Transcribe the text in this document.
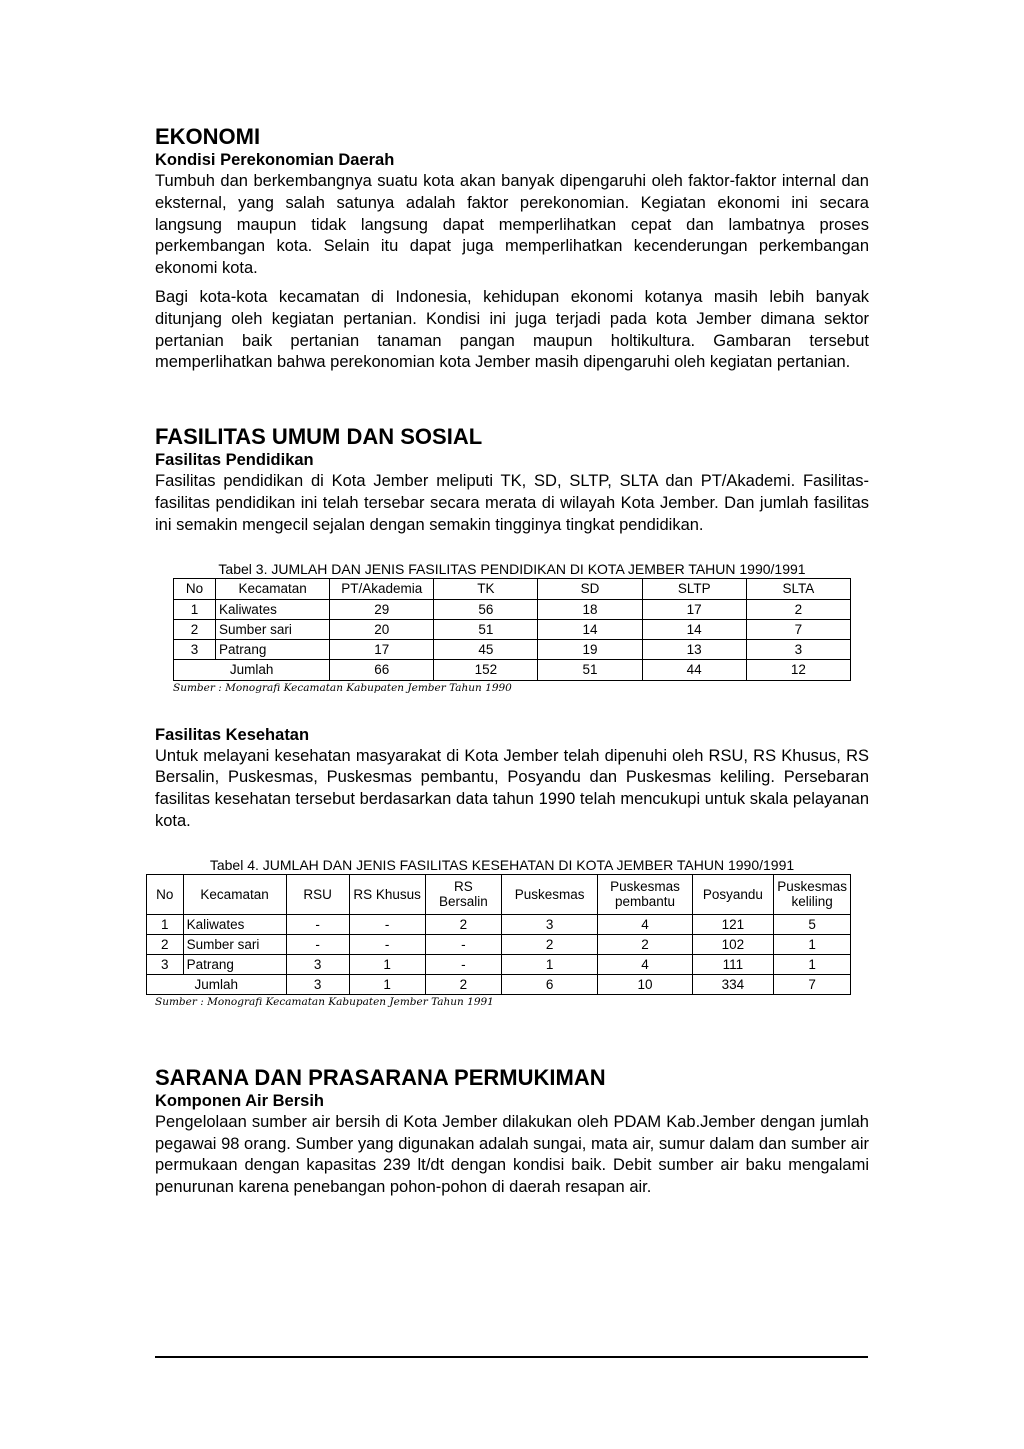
EKONOMI
Kondisi Perekonomian Daerah

Tumbuh dan berkembangnya suatu kota akan banyak dipengaruhi oleh faktor-faktor internal dan eksternal, yang salah satunya adalah faktor perekonomian. Kegiatan ekonomi ini secara langsung maupun tidak langsung dapat memperlihatkan cepat dan lambatnya proses perkembangan kota. Selain itu dapat juga memperlihatkan kecenderungan perkembangan ekonomi kota.

Bagi kota-kota kecamatan di Indonesia, kehidupan ekonomi kotanya masih lebih banyak ditunjang oleh kegiatan pertanian. Kondisi ini juga terjadi pada kota Jember dimana sektor pertanian baik pertanian tanaman pangan maupun holtikultura. Gambaran tersebut memperlihatkan bahwa perekonomian kota Jember masih dipengaruhi oleh kegiatan pertanian.

FASILITAS UMUM DAN SOSIAL
Fasilitas Pendidikan

Fasilitas pendidikan di Kota Jember meliputi TK, SD, SLTP, SLTA dan PT/Akademi. Fasilitas-fasilitas pendidikan ini telah tersebar secara merata di wilayah Kota Jember. Dan jumlah fasilitas ini semakin mengecil sejalan dengan semakin tingginya tingkat pendidikan.

Tabel 3. JUMLAH DAN JENIS FASILITAS PENDIDIKAN DI KOTA JEMBER TAHUN 1990/1991
No	Kecamatan	PT/Akademia	TK	SD	SLTP	SLTA
1	Kaliwates	29	56	18	17	2
2	Sumber sari	20	51	14	14	7
3	Patrang	17	45	19	13	3
Jumlah		66	152	51	44	12
Sumber : Monografi Kecamatan Kabupaten Jember Tahun 1990
Fasilitas Kesehatan

Untuk melayani kesehatan masyarakat di Kota Jember telah dipenuhi oleh RSU, RS Khusus, RS Bersalin, Puskesmas, Puskesmas pembantu, Posyandu dan Puskesmas keliling. Persebaran fasilitas kesehatan tersebut berdasarkan data tahun 1990 telah mencukupi untuk skala pelayanan kota.

Tabel 4. JUMLAH DAN JENIS FASILITAS KESEHATAN DI KOTA JEMBER TAHUN 1990/1991
No	Kecamatan	RSU	RS Khusus	RS Bersalin	Puskesmas	Puskesmas pembantu	Posyandu	Puskesmas keliling
1	Kaliwates	-	-	2	3	4	121	5
2	Sumber sari	-	-	-	2	2	102	1
3	Patrang	3	1	-	1	4	111	1
Jumlah		3	1	2	6	10	334	7
Sumber : Monografi Kecamatan Kabupaten Jember Tahun 1991
SARANA DAN PRASARANA PERMUKIMAN
Komponen Air Bersih

Pengelolaan sumber air bersih di Kota Jember dilakukan oleh PDAM Kab.Jember dengan jumlah pegawai 98 orang. Sumber yang digunakan adalah sungai, mata air, sumur dalam dan sumber air permukaan dengan kapasitas 239 lt/dt dengan kondisi baik. Debit sumber air baku mengalami penurunan karena penebangan pohon-pohon di daerah resapan air.
